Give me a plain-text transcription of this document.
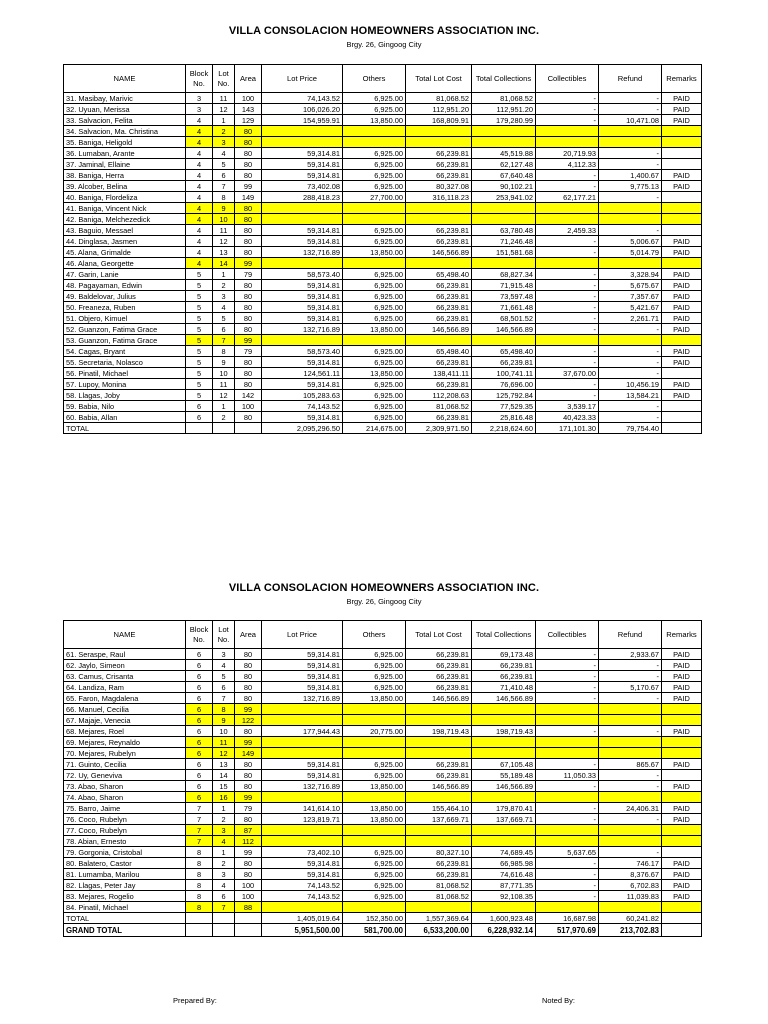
VILLA CONSOLACION HOMEOWNERS ASSOCIATION INC.
Brgy. 26, Gingoog City
NAME	Block No.	Lot No.	Area	Lot Price	Others	Total Lot Cost	Total Collections	Collectibles	Refund	Remarks
31. Masibay, Marivic	3	11	100	74,143.52	6,925.00	81,068.52	81,068.52	-	-	PAID
32. Uyuan, Merissa	3	12	143	106,026.20	6,925.00	112,951.20	112,951.20	-	-	PAID
33. Salvacion, Felita	4	1	129	154,959.91	13,850.00	168,809.91	179,280.99	-	10,471.08	PAID
34. Salvacion, Ma. Christina	4	2	80							
35. Baniga, Heligold	4	3	80							
36. Lumaban, Arante	4	4	80	59,314.81	6,925.00	66,239.81	45,519.88	20,719.93	-	
37. Jaminal, Ellaine	4	5	80	59,314.81	6,925.00	66,239.81	62,127.48	4,112.33	-	
38. Baniga, Herra	4	6	80	59,314.81	6,925.00	66,239.81	67,640.48	-	1,400.67	PAID
39. Alcober, Belina	4	7	99	73,402.08	6,925.00	80,327.08	90,102.21	-	9,775.13	PAID
40. Baniga, Flordeliza	4	8	149	288,418.23	27,700.00	316,118.23	253,941.02	62,177.21	-	
41. Baniga, Vincent Nick	4	9	80							
42. Baniga, Melchezedick	4	10	80							
43. Baguio, Messael	4	11	80	59,314.81	6,925.00	66,239.81	63,780.48	2,459.33	-	
44. Dinglasa, Jasmen	4	12	80	59,314.81	6,925.00	66,239.81	71,246.48	-	5,006.67	PAID
45. Alana, Grimalde	4	13	80	132,716.89	13,850.00	146,566.89	151,581.68	-	5,014.79	PAID
46. Alana, Georgette	4	14	99							
47. Garin, Lanie	5	1	79	58,573.40	6,925.00	65,498.40	68,827.34	-	3,328.94	PAID
48. Pagayaman, Edwin	5	2	80	59,314.81	6,925.00	66,239.81	71,915.48	-	5,675.67	PAID
49. Baldelovar, Julius	5	3	80	59,314.81	6,925.00	66,239.81	73,597.48	-	7,357.67	PAID
50. Freaneza, Ruben	5	4	80	59,314.81	6,925.00	66,239.81	71,661.48	-	5,421.67	PAID
51. Objero, Kimuel	5	5	80	59,314.81	6,925.00	66,239.81	68,501.52	-	2,261.71	PAID
52. Guanzon, Fatima Grace	5	6	80	132,716.89	13,850.00	146,566.89	146,566.89	-	-	PAID
53. Guanzon, Fatima Grace	5	7	99							
54. Cagas, Bryant	5	8	79	58,573.40	6,925.00	65,498.40	65,498.40	-	-	PAID
55. Secretaria, Nolasco	5	9	80	59,314.81	6,925.00	66,239.81	66,239.81	-	-	PAID
56. Pinatil, Michael	5	10	80	124,561.11	13,850.00	138,411.11	100,741.11	37,670.00	-	
57. Lupoy, Monina	5	11	80	59,314.81	6,925.00	66,239.81	76,696.00	-	10,456.19	PAID
58. Llagas, Joby	5	12	142	105,283.63	6,925.00	112,208.63	125,792.84	-	13,584.21	PAID
59. Babia, Nilo	6	1	100	74,143.52	6,925.00	81,068.52	77,529.35	3,539.17	-	
60. Babia, Allan	6	2	80	59,314.81	6,925.00	66,239.81	25,816.48	40,423.33	-	
TOTAL				2,095,296.50	214,675.00	2,309,971.50	2,218,624.60	171,101.30	79,754.40	
VILLA CONSOLACION HOMEOWNERS ASSOCIATION INC.
Brgy. 26, Gingoog City
NAME	Block No.	Lot No.	Area	Lot Price	Others	Total Lot Cost	Total Collections	Collectibles	Refund	Remarks
61. Seraspe, Raul	6	3	80	59,314.81	6,925.00	66,239.81	69,173.48	-	2,933.67	PAID
62. Jaylo, Simeon	6	4	80	59,314.81	6,925.00	66,239.81	66,239.81	-	-	PAID
63. Camus, Crisanta	6	5	80	59,314.81	6,925.00	66,239.81	66,239.81	-	-	PAID
64. Landiza, Ram	6	6	80	59,314.81	6,925.00	66,239.81	71,410.48	-	5,170.67	PAID
65. Faron, Magdalena	6	7	80	132,716.89	13,850.00	146,566.89	146,566.89	-	-	PAID
66. Manuel, Cecilia	6	8	99							
67. Majaje, Venecia	6	9	122							
68. Mejares, Roel	6	10	80	177,944.43	20,775.00	198,719.43	198,719.43	-	-	PAID
69. Mejares, Reynaldo	6	11	99							
70. Mejares, Rubelyn	6	12	149							
71. Guinto, Cecilia	6	13	80	59,314.81	6,925.00	66,239.81	67,105.48	-	865.67	PAID
72. Uy, Geneviva	6	14	80	59,314.81	6,925.00	66,239.81	55,189.48	11,050.33	-	
73. Abao, Sharon	6	15	80	132,716.89	13,850.00	146,566.89	146,566.89	-	-	PAID
74. Abao, Sharon	6	16	99							
75. Barro, Jaime	7	1	79	141,614.10	13,850.00	155,464.10	179,870.41	-	24,406.31	PAID
76. Coco, Rubelyn	7	2	80	123,819.71	13,850.00	137,669.71	137,669.71	-	-	PAID
77. Coco, Rubelyn	7	3	87							
78. Abian, Ernesto	7	4	112							
79. Gorgonia, Cristobal	8	1	99	73,402.10	6,925.00	80,327.10	74,689.45	5,637.65	-	
80. Balatero, Castor	8	2	80	59,314.81	6,925.00	66,239.81	66,985.98	-	746.17	PAID
81. Lumamba, Marilou	8	3	80	59,314.81	6,925.00	66,239.81	74,616.48	-	8,376.67	PAID
82. Llagas, Peter Jay	8	4	100	74,143.52	6,925.00	81,068.52	87,771.35	-	6,702.83	PAID
83. Mejares, Rogelio	8	6	100	74,143.52	6,925.00	81,068.52	92,108.35	-	11,039.83	PAID
84. Pinatil, Michael	8	7	88							
TOTAL				1,405,019.64	152,350.00	1,557,369.64	1,600,923.48	16,687.98	60,241.82	
GRAND TOTAL				5,951,500.00	581,700.00	6,533,200.00	6,228,932.14	517,970.69	213,702.83	
Prepared By:	Noted By:
